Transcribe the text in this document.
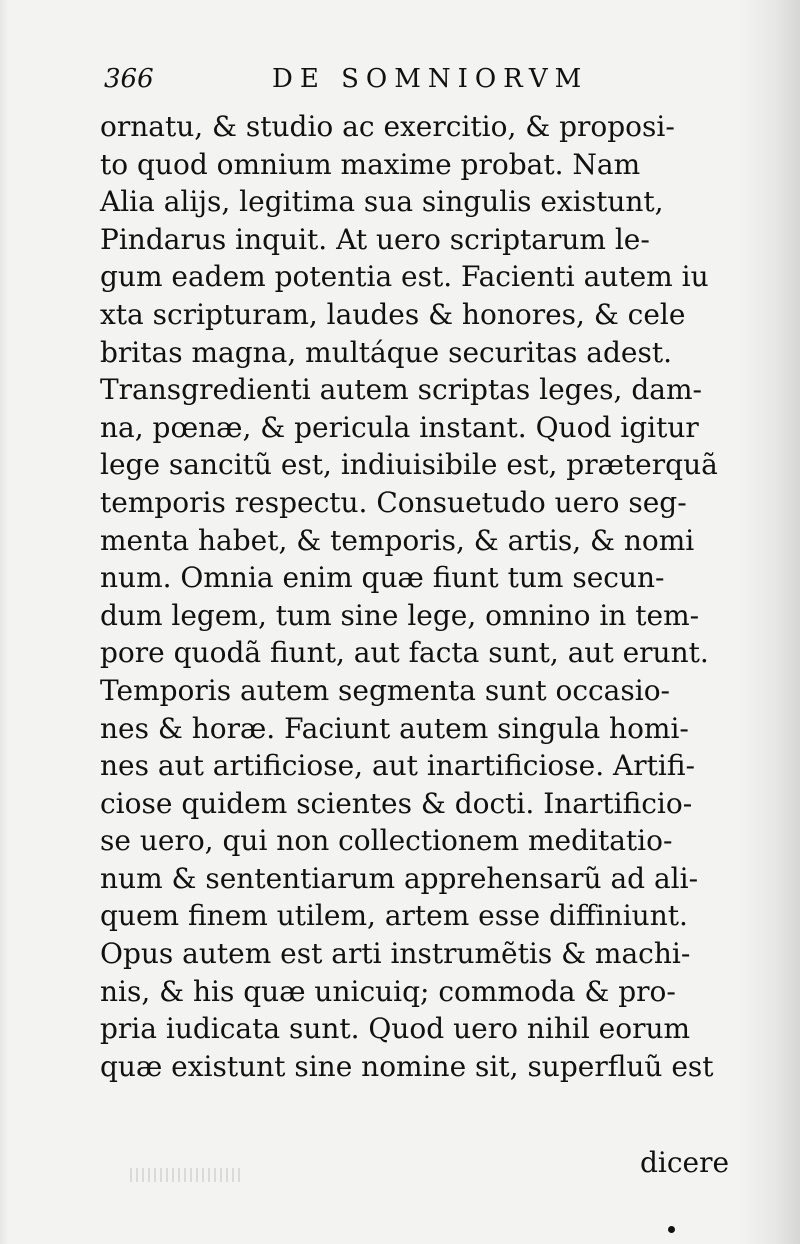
366	DE SOMNIORVM
ornatu, & studio ac exercitio, & proposi-
to quod omnium maxime probat. Nam
Alia alijs, legitima sua singulis existunt,
Pindarus inquit. At uero scriptarum le-
gum eadem potentia est. Facienti autem iu
xta scripturam, laudes & honores, & cele
britas magna, multáque securitas adest.
Transgredienti autem scriptas leges, dam-
na, pœnæ, & pericula instant. Quod igitur
lege sancitũ est, indiuisibile est, præterquã
temporis respectu. Consuetudo uero seg-
menta habet, & temporis, & artis, & nomi
num. Omnia enim quæ fiunt tum secun-
dum legem, tum sine lege, omnino in tem-
pore quodã fiunt, aut facta sunt, aut erunt.
Temporis autem segmenta sunt occasio-
nes & horæ. Faciunt autem singula homi-
nes aut artificiose, aut inartificiose. Artifi-
ciose quidem scientes & docti. Inartificio-
se uero, qui non collectionem meditatio-
num & sententiarum apprehensarũ ad ali-
quem finem utilem, artem esse diffiniunt.
Opus autem est arti instrumẽtis & machi-
nis, & his quæ unicuiq; commoda & pro-
pria iudicata sunt. Quod uero nihil eorum
quæ existunt sine nomine sit, superfluũ est
dicere
